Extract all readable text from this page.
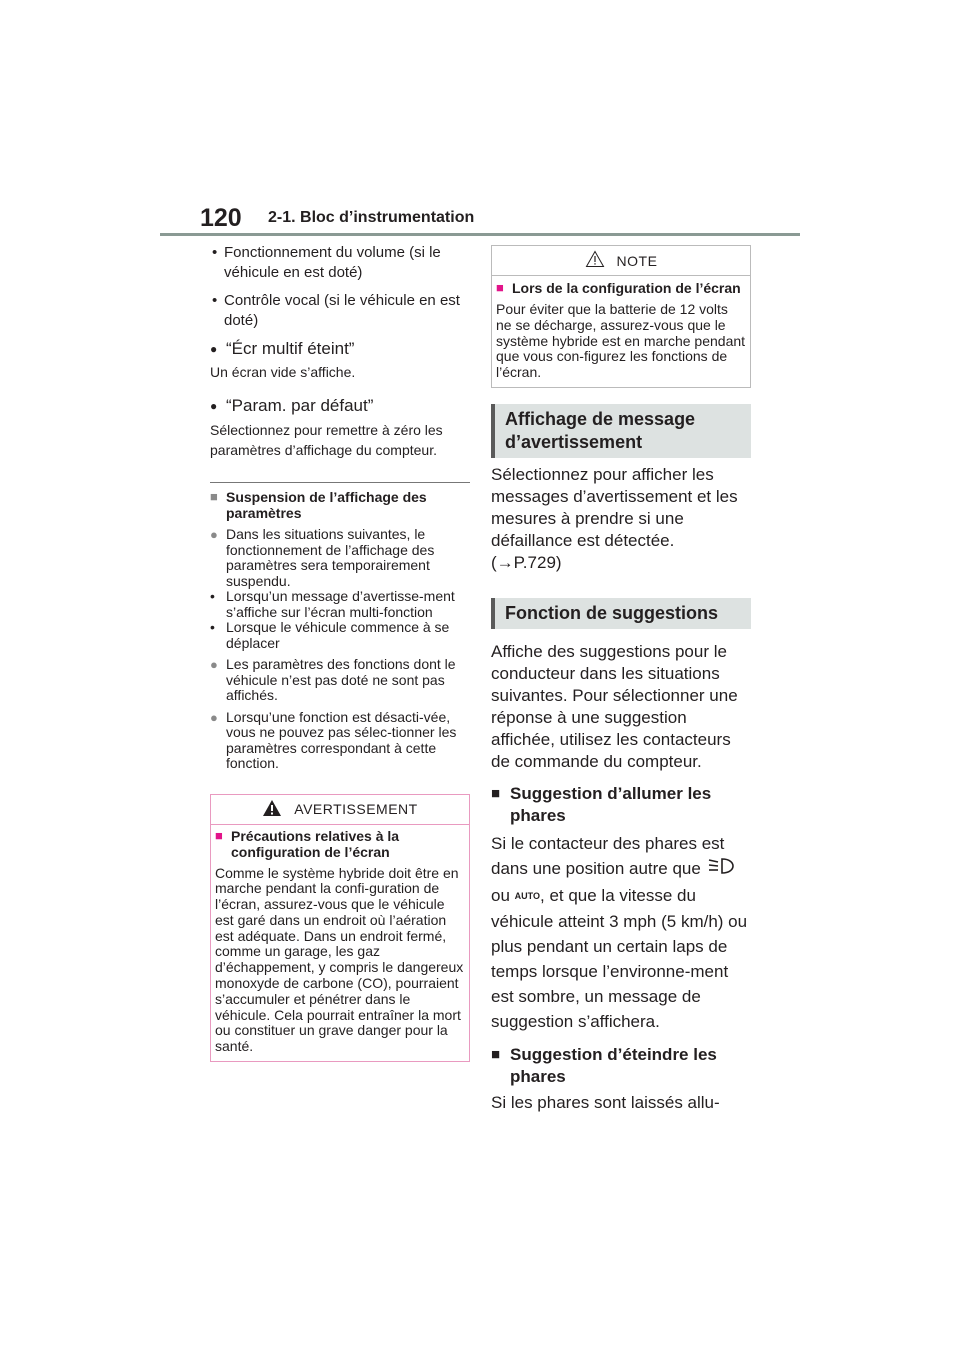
120 2-1. Bloc d’instrumentation
• Fonctionnement du volume (si le véhicule en est doté)
• Contrôle vocal (si le véhicule en est doté)
● “Écr multif éteint”

Un écran vide s’affiche.

● “Param. par défaut”

Sélectionnez pour remettre à zéro les paramètres d’affichage du compteur.

■ Suspension de l’affichage des paramètres
● Dans les situations suivantes, le fonctionnement de l’affichage des paramètres sera temporairement suspendu.
• Lorsqu’un message d’avertisse-ment s’affiche sur l’écran multi-fonction
• Lorsque le véhicule commence à se déplacer
● Les paramètres des fonctions dont le véhicule n’est pas doté ne sont pas affichés.
● Lorsqu’une fonction est désacti-vée, vous ne pouvez pas sélec-tionner les paramètres correspondant à cette fonction.
AVERTISSEMENT
■ Précautions relatives à la configuration de l’écran

Comme le système hybride doit être en marche pendant la confi-guration de l’écran, assurez-vous que le véhicule est garé dans un endroit où l’aération est adéquate. Dans un endroit fermé, comme un garage, les gaz d’échappement, y compris le dangereux monoxyde de carbone (CO), pourraient s’accumuler et pénétrer dans le véhicule. Cela pourrait entraîner la mort ou constituer un grave danger pour la santé.

NOTE
■ Lors de la configuration de l’écran

Pour éviter que la batterie de 12 volts ne se décharge, assurez-vous que le système hybride est en marche pendant que vous con-figurez les fonctions de l’écran.

Affichage de message d’avertissement

Sélectionnez pour afficher les messages d’avertissement et les mesures à prendre si une défaillance est détectée.

(→P.729)

Fonction de suggestions

Affiche des suggestions pour le conducteur dans les situations suivantes. Pour sélectionner une réponse à une suggestion affichée, utilisez les contacteurs de commande du compteur.

■ Suggestion d’allumer les phares

Si le contacteur des phares est dans une position autre que
ou AUTO, et que la vitesse du véhicule atteint 3 mph (5 km/h) ou plus pendant un certain laps de temps lorsque l’environne-ment est sombre, un message de suggestion s’affichera.

■ Suggestion d’éteindre les phares

Si les phares sont laissés allu-
